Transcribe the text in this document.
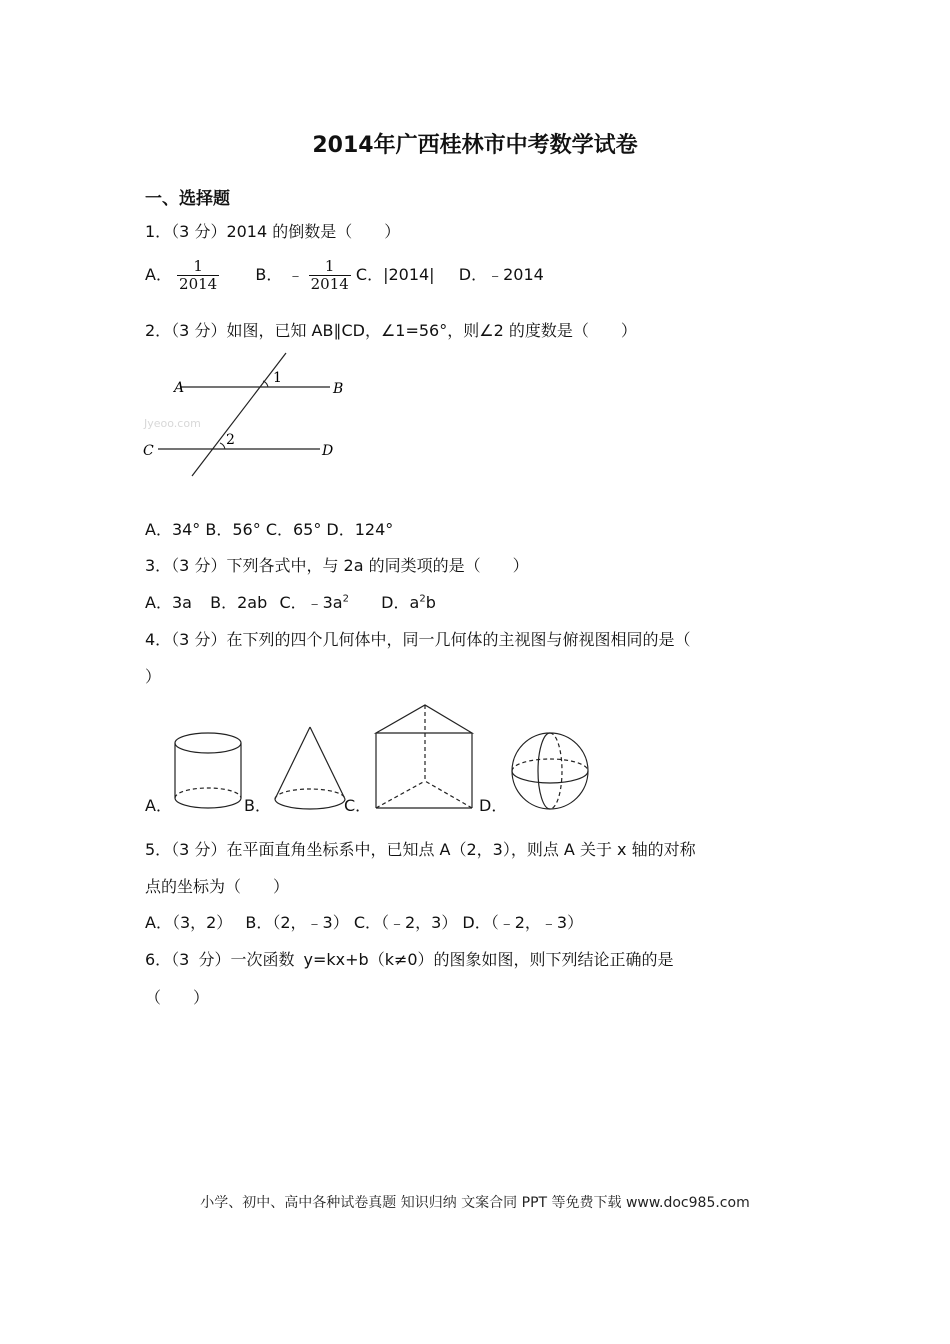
2014年广西桂林市中考数学试卷
一、选择题
1．（3 分）2014 的倒数是（　　）
A． $\frac{1}{2014}$ B． ﹣ $\frac{1}{2014}$ C．|2014| D．﹣2014
2．（3 分）如图，已知 AB∥CD，∠1=56°，则∠2 的度数是（　　）
A	B
C	D
1
2
Jyeoo.com
A．34° B．56° C．65° D．124°
3．（3 分）下列各式中，与 2a 的同类项的是（　　）
A．3a B．2ab C．$﹣3a^2$ D．$a^2b$
4．（3 分）在下列的四个几何体中，同一几何体的主视图与俯视图相同的是（
）
A．	B．	C．	D．
5．（3 分）在平面直角坐标系中，已知点 A（2，3），则点 A 关于 x 轴的对称
点的坐标为（　　）
A．（3，2）　 B．（2，﹣3） C．（﹣2，3） D．（﹣2，﹣3）
6．（3 分）一次函数 y=kx+b（k≠0）的图象如图，则下列结论正确的是
（　　）
小学、初中、高中各种试卷真题 知识归纳 文案合同 PPT 等免费下载 www.doc985.com
